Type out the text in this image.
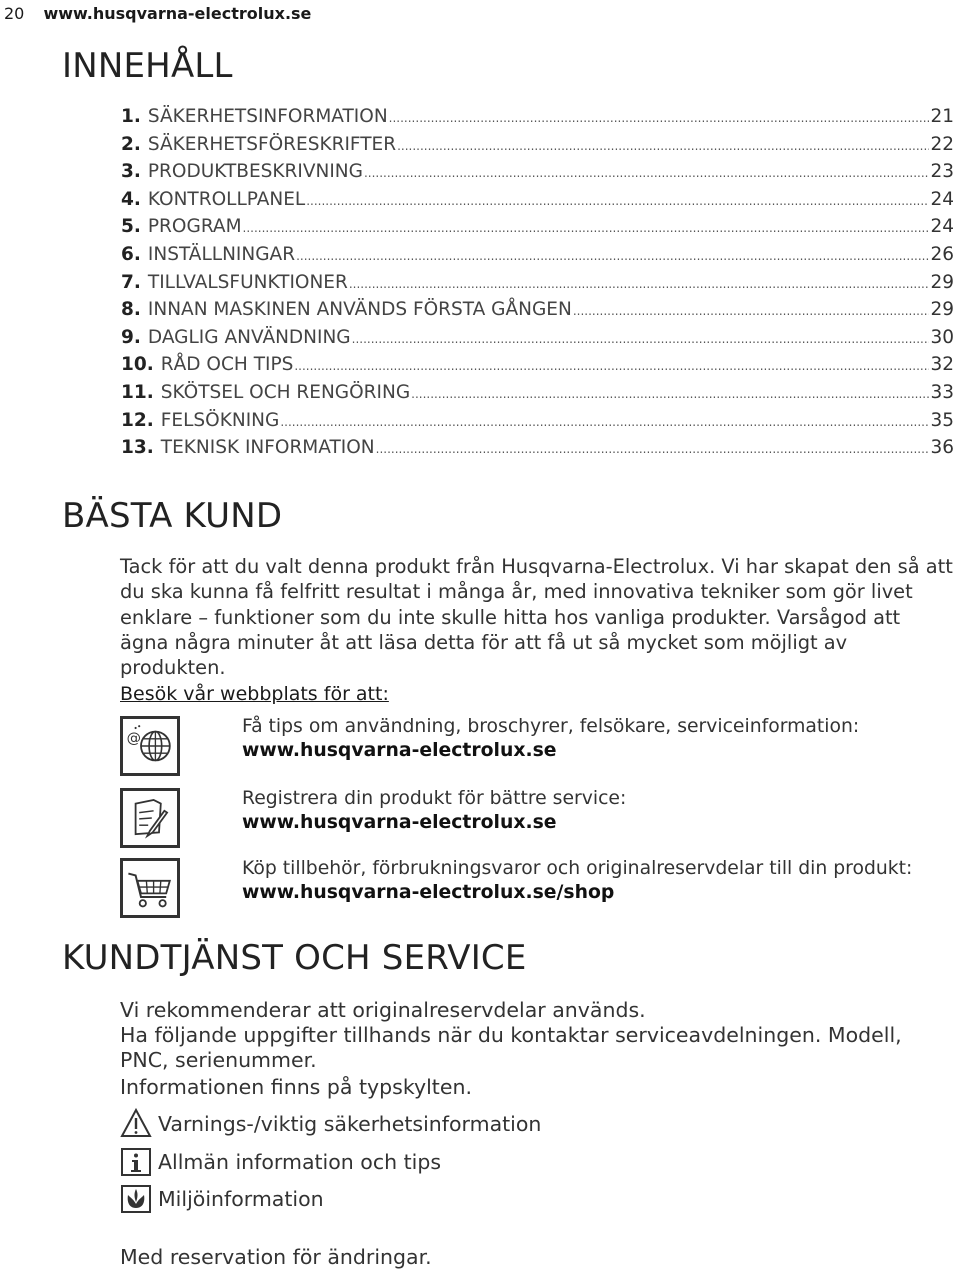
20 www.husqvarna-electrolux.se
INNEHÅLL
1. SÄKERHETSINFORMATION .....	21
2. SÄKERHETSFÖRESKRIFTER .....	22
3. PRODUKTBESKRIVNING .....	23
4. KONTROLLPANEL .....	24
5. PROGRAM .....	24
6. INSTÄLLNINGAR .....	26
7. TILLVALSFUNKTIONER .....	29
8. INNAN MASKINEN ANVÄNDS FÖRSTA GÅNGEN .....	29
9. DAGLIG ANVÄNDNING .....	30
10. RÅD OCH TIPS .....	32
11. SKÖTSEL OCH RENGÖRING .....	33
12. FELSÖKNING .....	35
13. TEKNISK INFORMATION .....	36
BÄSTA KUND
Tack för att du valt denna produkt från Husqvarna-Electrolux. Vi har skapat den så att du ska kunna få felfritt resultat i många år, med innovativa tekniker som gör livet enklare – funktioner som du inte skulle hitta hos vanliga produkter. Varsågod att ägna några minuter åt att läsa detta för att få ut så mycket som möjligt av produkten.
Besök vår webbplats för att:
@
Få tips om användning, broschyrer, felsökare, serviceinformation:
www.husqvarna-electrolux.se
Registrera din produkt för bättre service:
www.husqvarna-electrolux.se
Köp tillbehör, förbrukningsvaror och originalreservdelar till din produkt:
www.husqvarna-electrolux.se/shop
KUNDTJÄNST OCH SERVICE
Vi rekommenderar att originalreservdelar används.
Ha följande uppgifter tillhands när du kontaktar serviceavdelningen. Modell,
PNC, serienummer.
Informationen finns på typskylten.
Varnings-/viktig säkerhetsinformation
Allmän information och tips
Miljöinformation
Med reservation för ändringar.
